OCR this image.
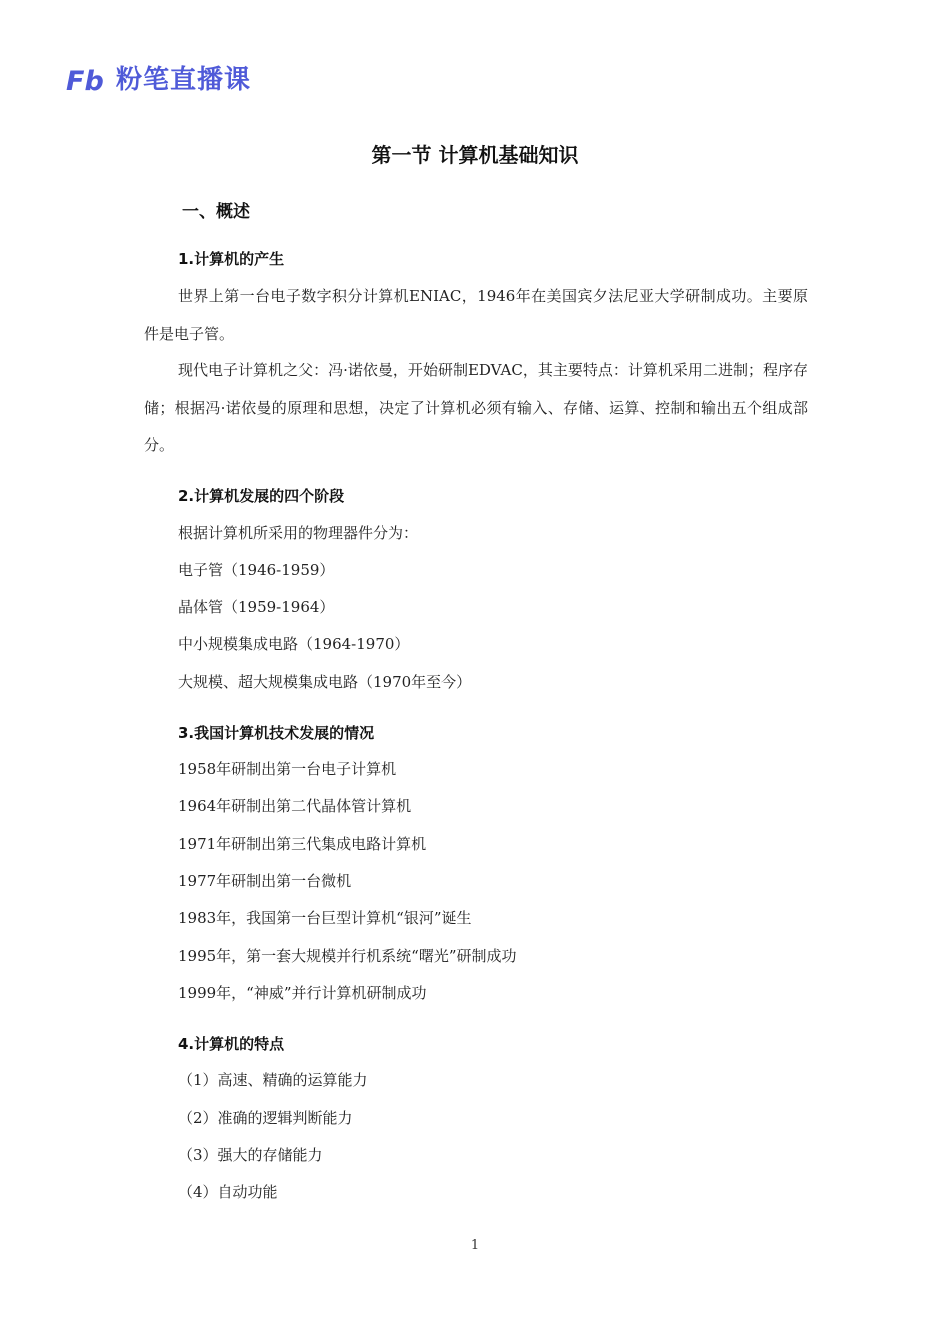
Fb 粉笔直播课
第一节 计算机基础知识
一、概述
1.计算机的产生
世界上第一台电子数字积分计算机ENIAC，1946年在美国宾夕法尼亚大学研制成功。主要原件是电子管。
现代电子计算机之父：冯·诺依曼，开始研制EDVAC，其主要特点：计算机采用二进制；程序存储；根据冯·诺依曼的原理和思想，决定了计算机必须有输入、存储、运算、控制和输出五个组成部分。
2.计算机发展的四个阶段
根据计算机所采用的物理器件分为：
电子管（1946-1959）
晶体管（1959-1964）
中小规模集成电路（1964-1970）
大规模、超大规模集成电路（1970年至今）
3.我国计算机技术发展的情况
1958年研制出第一台电子计算机
1964年研制出第二代晶体管计算机
1971年研制出第三代集成电路计算机
1977年研制出第一台微机
1983年，我国第一台巨型计算机“银河”诞生
1995年，第一套大规模并行机系统“曙光”研制成功
1999年，“神威”并行计算机研制成功
4.计算机的特点
（1）高速、精确的运算能力
（2）准确的逻辑判断能力
（3）强大的存储能力
（4）自动功能
1
